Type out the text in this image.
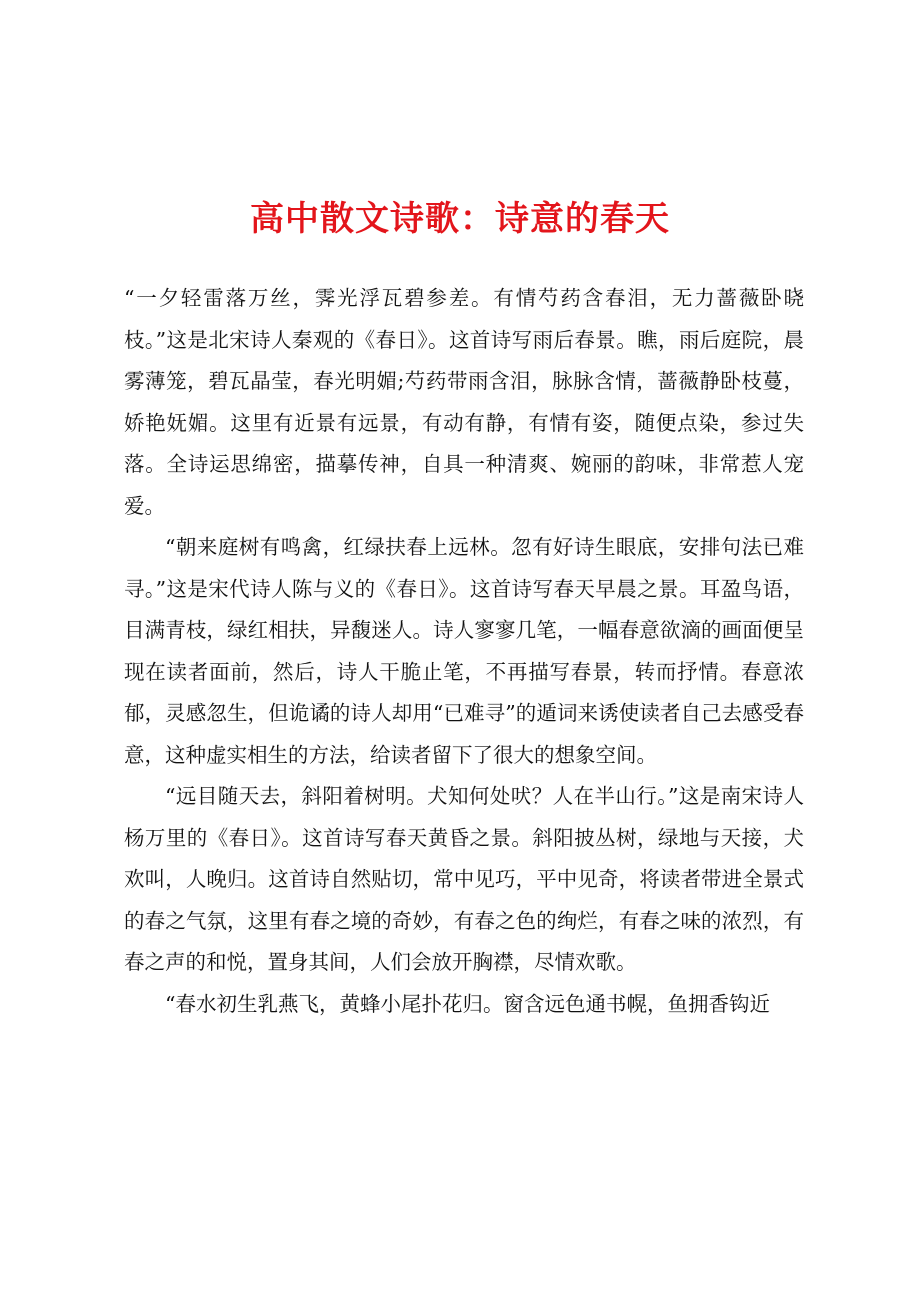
高中散文诗歌：诗意的春天

“一夕轻雷落万丝，霁光浮瓦碧参差。有情芍药含春泪，无力蔷薇卧晓枝。”这是北宋诗人秦观的《春日》。这首诗写雨后春景。瞧，雨后庭院，晨雾薄笼，碧瓦晶莹，春光明媚;芍药带雨含泪，脉脉含情，蔷薇静卧枝蔓，娇艳妩媚。这里有近景有远景，有动有静，有情有姿，随便点染，参过失落。全诗运思绵密，描摹传神，自具一种清爽、婉丽的韵味，非常惹人宠爱。

“朝来庭树有鸣禽，红绿扶春上远林。忽有好诗生眼底，安排句法已难寻。”这是宋代诗人陈与义的《春日》。这首诗写春天早晨之景。耳盈鸟语，目满青枝，绿红相扶，异馥迷人。诗人寥寥几笔，一幅春意欲滴的画面便呈现在读者面前，然后，诗人干脆止笔，不再描写春景，转而抒情。春意浓郁，灵感忽生，但诡谲的诗人却用“已难寻”的遁词来诱使读者自己去感受春意，这种虚实相生的方法，给读者留下了很大的想象空间。

“远目随天去，斜阳着树明。犬知何处吠？人在半山行。”这是南宋诗人杨万里的《春日》。这首诗写春天黄昏之景。斜阳披丛树，绿地与天接，犬欢叫，人晚归。这首诗自然贴切，常中见巧，平中见奇，将读者带进全景式的春之气氛，这里有春之境的奇妙，有春之色的绚烂，有春之味的浓烈，有春之声的和悦，置身其间，人们会放开胸襟，尽情欢歌。

“春水初生乳燕飞，黄蜂小尾扑花归。窗含远色通书幌，鱼拥香钩近
